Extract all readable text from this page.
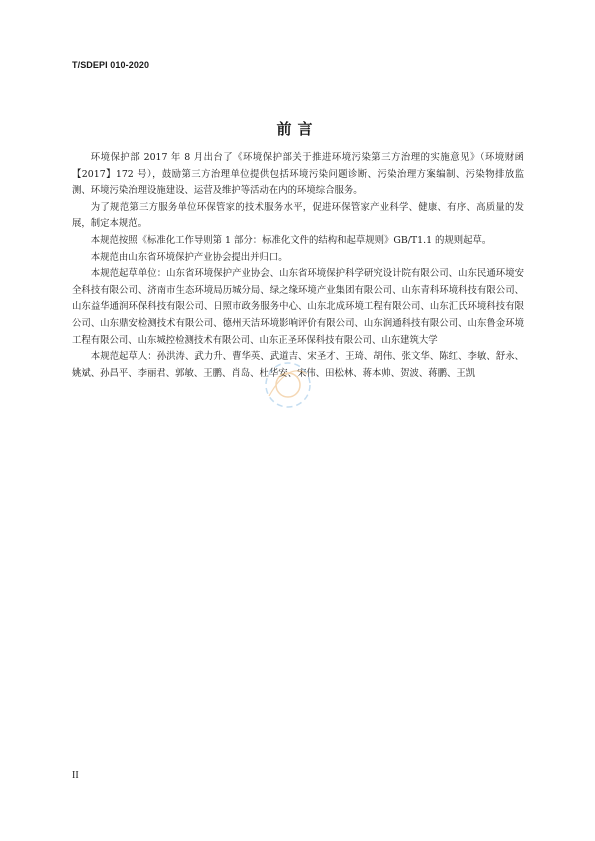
T/SDEPI 010-2020
前言

环境保护部 2017 年 8 月出台了《环境保护部关于推进环境污染第三方治理的实施意见》（环境财函【2017】172 号），鼓励第三方治理单位提供包括环境污染问题诊断、污染治理方案编制、污染物排放监测、环境污染治理设施建设、运营及维护等活动在内的环境综合服务。

为了规范第三方服务单位环保管家的技术服务水平，促进环保管家产业科学、健康、有序、高质量的发展，制定本规范。

本规范按照《标准化工作导则第 1 部分：标准化文件的结构和起草规则》GB/T1.1 的规则起草。

本规范由山东省环境保护产业协会提出并归口。

本规范起草单位：山东省环境保护产业协会、山东省环境保护科学研究设计院有限公司、山东民通环境安全科技有限公司、济南市生态环境局历城分局、绿之缘环境产业集团有限公司、山东青科环境科技有限公司、山东益华通润环保科技有限公司、日照市政务服务中心、山东北成环境工程有限公司、山东汇氏环境科技有限公司、山东鼎安检测技术有限公司、德州天洁环境影响评价有限公司、山东润通科技有限公司、山东鲁金环境工程有限公司、山东城控检测技术有限公司、山东正圣环保科技有限公司、山东建筑大学

本规范起草人：孙洪涛、武力升、曹华英、武道吉、宋圣才、王琦、胡伟、张文华、陈红、李敏、舒永、姚斌、孙昌平、李丽君、郭敏、王鹏、肖岛、杜华安、宋伟、田松林、蒋本帅、贺波、蒋鹏、王凯

II
